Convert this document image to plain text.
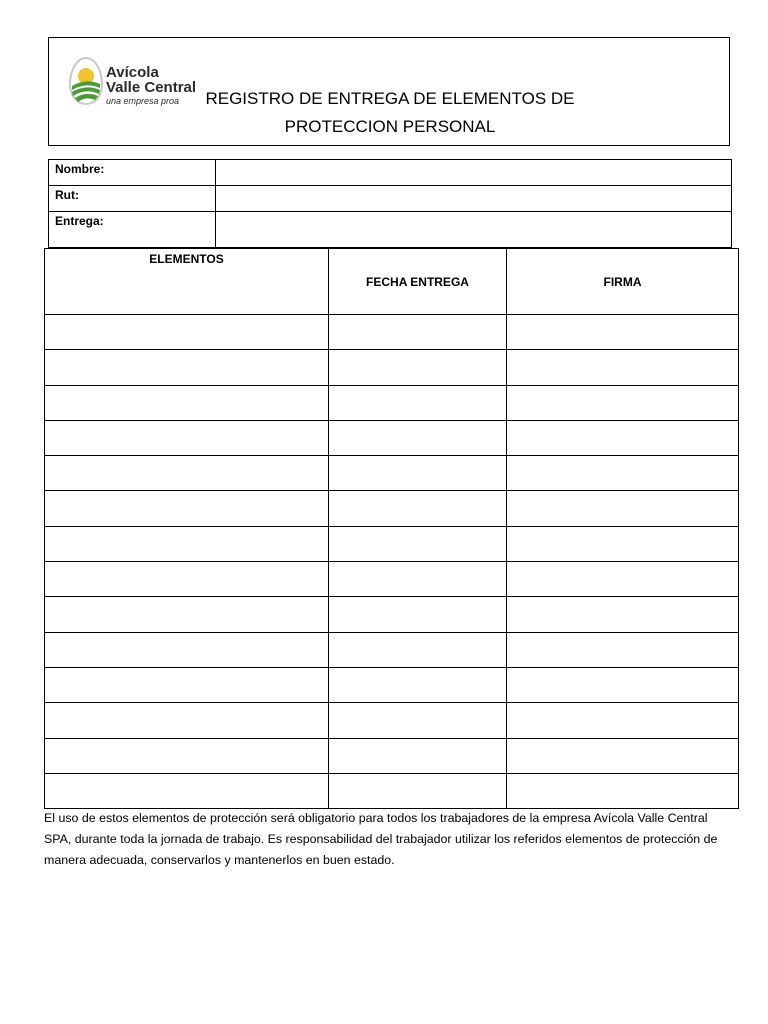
Avícola
Valle Central
una empresa proa	REGISTRO DE ENTREGA DE ELEMENTOS DE
PROTECCION PERSONAL
Nombre:	
Rut:	
Entrega:	
ELEMENTOS	FECHA ENTREGA	FIRMA

El uso de estos elementos de protección será obligatorio para todos los trabajadores de la empresa Avícola Valle Central SPA, durante toda la jornada de trabajo. Es responsabilidad del trabajador utilizar los referidos elementos de protección de manera adecuada, conservarlos y mantenerlos en buen estado.
